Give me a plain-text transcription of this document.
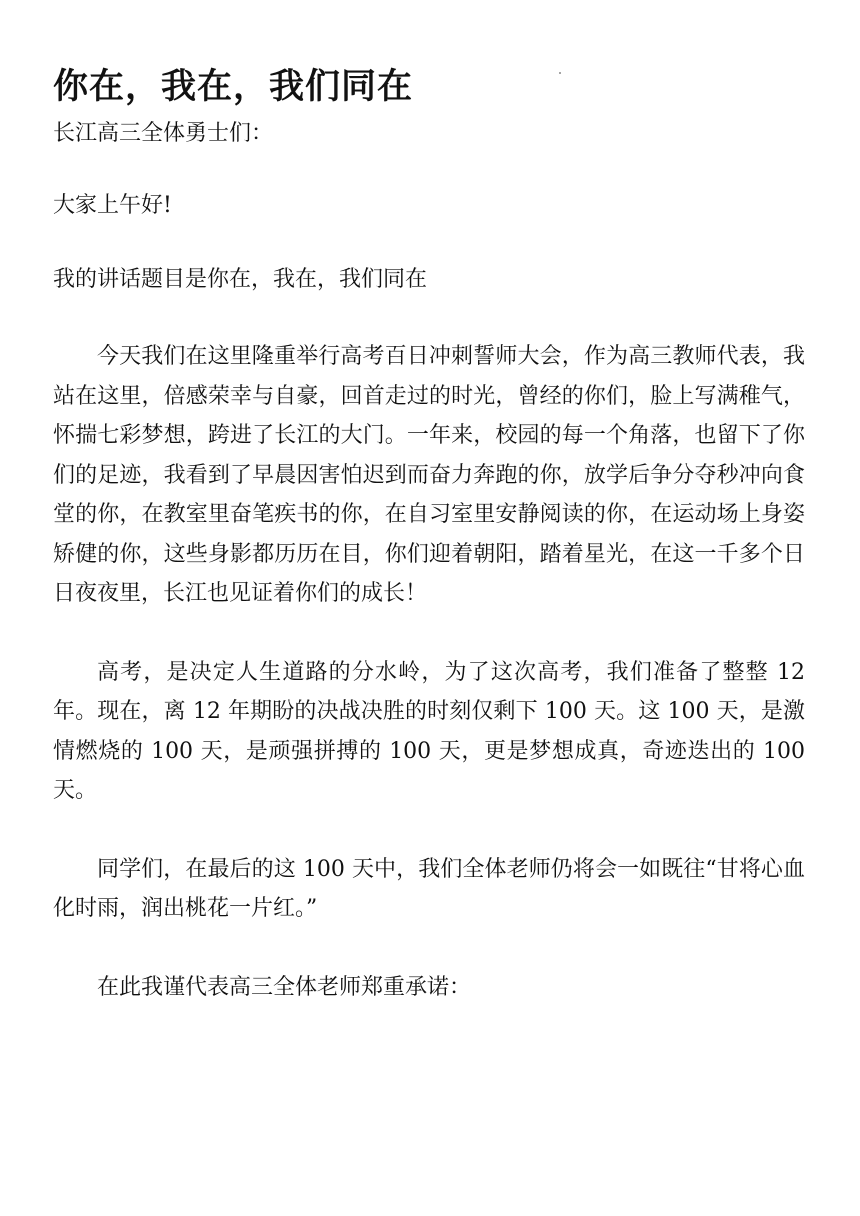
你在，我在，我们同在

长江高三全体勇士们：

大家上午好!

我的讲话题目是你在，我在，我们同在

今天我们在这里隆重举行高考百日冲刺誓师大会，作为高三教师代表，我站在这里，倍感荣幸与自豪，回首走过的时光，曾经的你们，脸上写满稚气，怀揣七彩梦想，跨进了长江的大门。一年来，校园的每一个角落，也留下了你们的足迹，我看到了早晨因害怕迟到而奋力奔跑的你，放学后争分夺秒冲向食堂的你，在教室里奋笔疾书的你，在自习室里安静阅读的你，在运动场上身姿矫健的你，这些身影都历历在目，你们迎着朝阳，踏着星光，在这一千多个日日夜夜里，长江也见证着你们的成长！

高考，是决定人生道路的分水岭，为了这次高考，我们准备了整整 12 年。现在，离 12 年期盼的决战决胜的时刻仅剩下 100 天。这 100 天，是激情燃烧的 100 天，是顽强拼搏的 100 天，更是梦想成真，奇迹迭出的 100 天。

同学们，在最后的这 100 天中，我们全体老师仍将会一如既往“甘将心血化时雨，润出桃花一片红。”

在此我谨代表高三全体老师郑重承诺：
